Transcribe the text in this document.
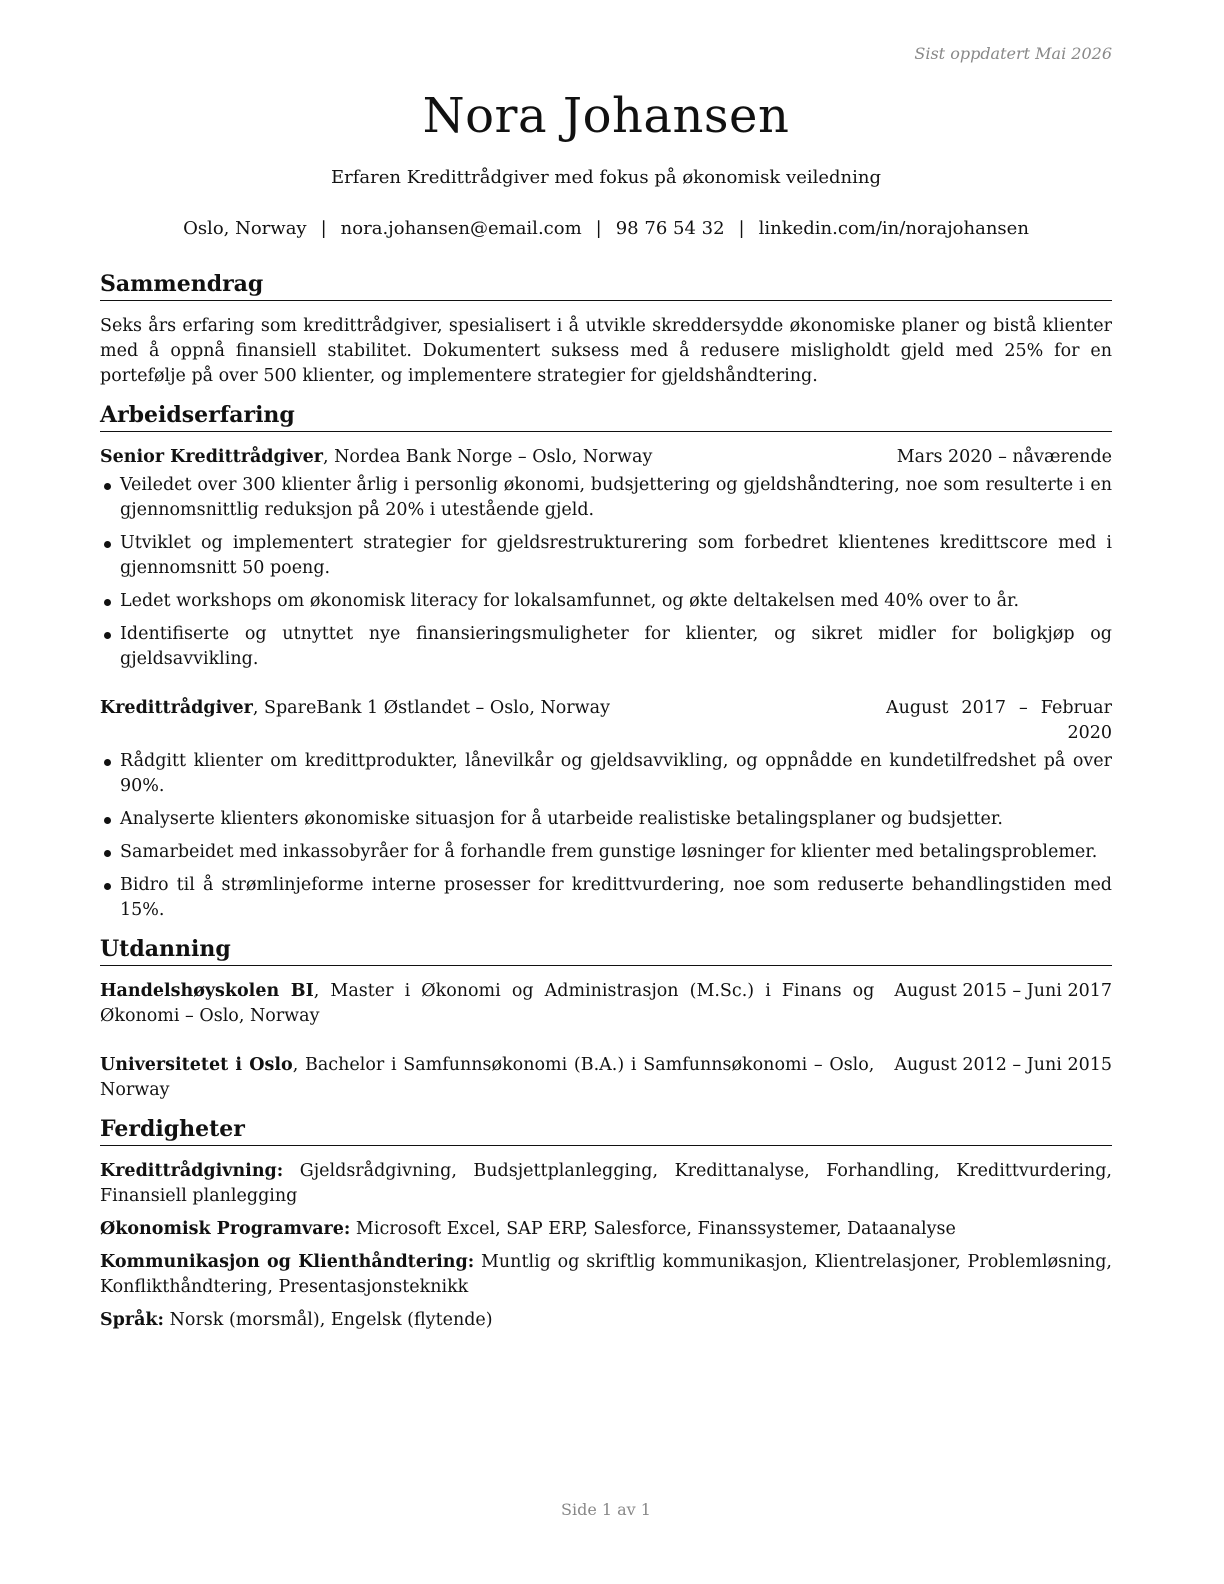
Sist oppdatert Mai 2026
Nora Johansen
Erfaren Kredittrådgiver med fokus på økonomisk veiledning
Oslo, Norway | nora.johansen@email.com | 98 76 54 32 | linkedin.com/in/norajohansen
Sammendrag

Seks års erfaring som kredittrådgiver, spesialisert i å utvikle skreddersydde økonomiske planer og bistå klienter med å oppnå finansiell stabilitet. Dokumentert suksess med å redusere misligholdt gjeld med 25% for en portefølje på over 500 klienter, og implementere strategier for gjeldshåndtering.

Arbeidserfaring
Senior Kredittrådgiver, Nordea Bank Norge – Oslo, Norway	Mars 2020 – nåværende
Veiledet over 300 klienter årlig i personlig økonomi, budsjettering og gjeldshåndtering, noe som resulterte i en gjennomsnittlig reduksjon på 20% i utestående gjeld.
Utviklet og implementert strategier for gjeldsrestrukturering som forbedret klientenes kredittscore med i gjennomsnitt 50 poeng.
Ledet workshops om økonomisk literacy for lokalsamfunnet, og økte deltakelsen med 40% over to år.
Identifiserte og utnyttet nye finansieringsmuligheter for klienter, og sikret midler for boligkjøp og gjeldsavvikling.
Kredittrådgiver, SpareBank 1 Østlandet – Oslo, Norway	August 2017 – Februar 2020
Rådgitt klienter om kredittprodukter, lånevilkår og gjeldsavvikling, og oppnådde en kundetilfredshet på over 90%.
Analyserte klienters økonomiske situasjon for å utarbeide realistiske betalingsplaner og budsjetter.
Samarbeidet med inkassobyråer for å forhandle frem gunstige løsninger for klienter med betalingsproblemer.
Bidro til å strømlinjeforme interne prosesser for kredittvurdering, noe som reduserte behandlingstiden med 15%.
Utdanning
Handelshøyskolen BI, Master i Økonomi og Administrasjon (M.Sc.) i Finans og Økonomi – Oslo, Norway
August 2015 – Juni 2017
Universitetet i Oslo, Bachelor i Samfunnsøkonomi (B.A.) i Samfunnsøkonomi – Oslo, Norway
August 2012 – Juni 2015
Ferdigheter
Kredittrådgivning: Gjeldsrådgivning, Budsjettplanlegging, Kredittanalyse, Forhandling, Kredittvurdering, Finansiell planlegging
Økonomisk Programvare: Microsoft Excel, SAP ERP, Salesforce, Finanssystemer, Dataanalyse
Kommunikasjon og Klienthåndtering: Muntlig og skriftlig kommunikasjon, Klientrelasjoner, Problemløsning, Konflikthåndtering, Presentasjonsteknikk
Språk: Norsk (morsmål), Engelsk (flytende)
Side 1 av 1
